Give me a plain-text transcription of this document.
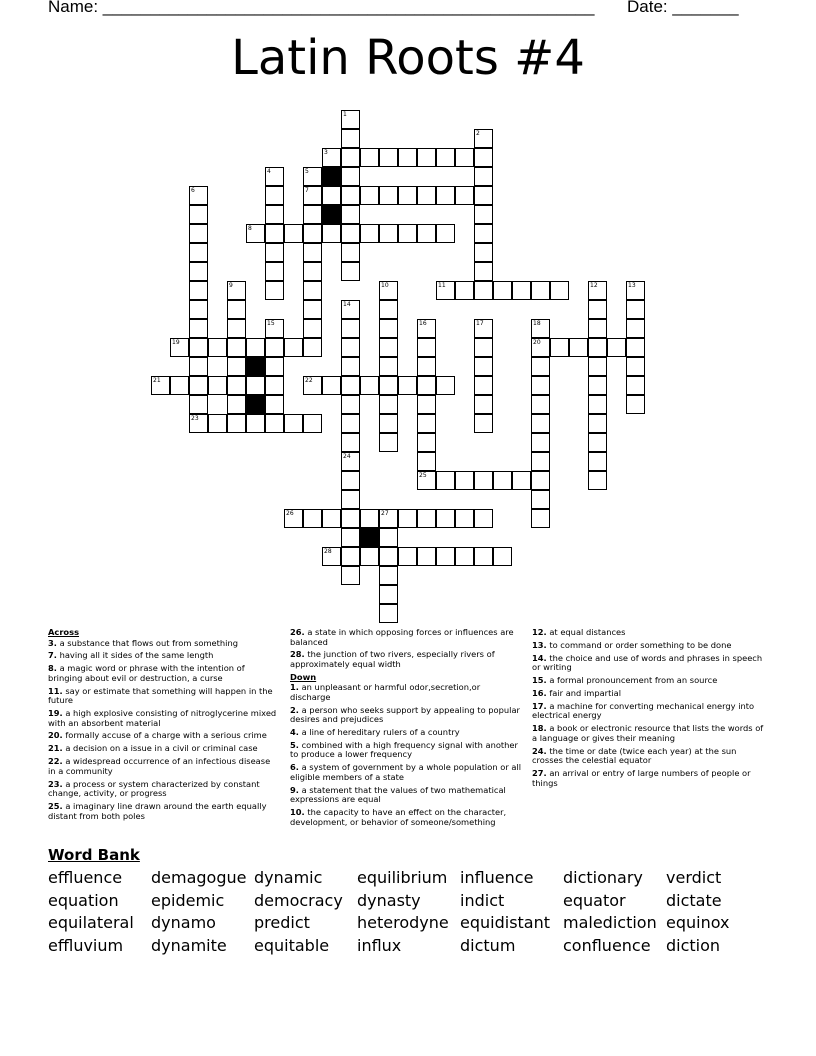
Name: ____________________________________________________ Date: _______
Latin Roots #4
3
7
8
11
19	20
21	22
23
25
26	27
28
1
2
4	5
6
9	10	12	13
14
15	16	17	18
24
Across
3. a substance that flows out from something
7. having all it sides of the same length
8. a magic word or phrase with the intention of bringing about evil or destruction, a curse
11. say or estimate that something will happen in the future
19. a high explosive consisting of nitroglycerine mixed with an absorbent material
20. formally accuse of a charge with a serious crime
21. a decision on a issue in a civil or criminal case
22. a widespread occurrence of an infectious disease in a community
23. a process or system characterized by constant change, activity, or progress
25. a imaginary line drawn around the earth equally distant from both poles
26. a state in which opposing forces or influences are balanced
28. the junction of two rivers, especially rivers of approximately equal width
Down
1. an unpleasant or harmful odor,secretion,or discharge
2. a person who seeks support by appealing to popular desires and prejudices
4. a line of hereditary rulers of a country
5. combined with a high frequency signal with another to produce a lower frequency
6. a system of government by a whole population or all eligible members of a state
9. a statement that the values of two mathematical expressions are equal
10. the capacity to have an effect on the character, development, or behavior of someone/something
12. at equal distances
13. to command or order something to be done
14. the choice and use of words and phrases in speech or writing
15. a formal pronouncement from an source
16. fair and impartial
17. a machine for converting mechanical energy into electrical energy
18. a book or electronic resource that lists the words of a language or gives their meaning
24. the time or date (twice each year) at the sun crosses the celestial equator
27. an arrival or entry of large numbers of people or things
Word Bank
effluence demagogue dynamic equilibrium influence dictionary verdict
equation epidemic democracy dynasty indict	equator	dictate
equilateral dynamo predict	heterodyne equidistant malediction equinox
effluvium dynamite equitable influx	dictum	confluence diction
